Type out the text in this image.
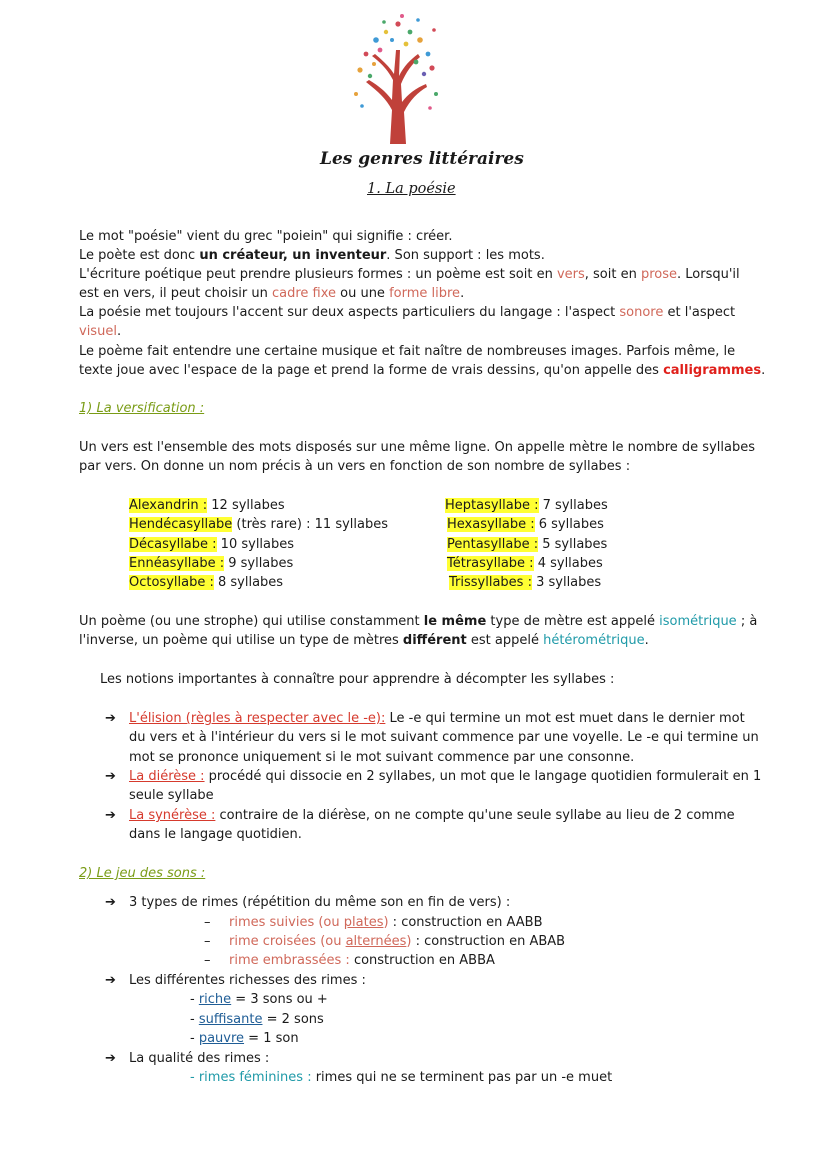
Les genres littéraires
1. La poésie
Le mot "poésie" vient du grec "poiein" qui signifie : créer.
Le poète est donc un créateur, un inventeur. Son support : les mots.
L'écriture poétique peut prendre plusieurs formes : un poème est soit en vers, soit en prose. Lorsqu'il
est en vers, il peut choisir un cadre fixe ou une forme libre.
La poésie met toujours l'accent sur deux aspects particuliers du langage : l'aspect sonore et l'aspect
visuel.
Le poème fait entendre une certaine musique et fait naître de nombreuses images. Parfois même, le
texte joue avec l'espace de la page et prend la forme de vrais dessins, qu'on appelle des calligrammes.
1) La versification :
Un vers est l'ensemble des mots disposés sur une même ligne. On appelle mètre le nombre de syllabes
par vers. On donne un nom précis à un vers en fonction de son nombre de syllabes :
Alexandrin : 12 syllabes
Hendécasyllabe (très rare) : 11 syllabes
Décasyllabe : 10 syllabes
Ennéasyllabe : 9 syllabes
Octosyllabe : 8 syllabes
Heptasyllabe : 7 syllabes
Hexasyllabe : 6 syllabes
Pentasyllabe : 5 syllabes
Tétrasyllabe : 4 syllabes
Trissyllabes : 3 syllabes
Un poème (ou une strophe) qui utilise constamment le même type de mètre est appelé isométrique ; à
l'inverse, un poème qui utilise un type de mètres différent est appelé hétérométrique.
Les notions importantes à connaître pour apprendre à décompter les syllabes :
➔ L'élision (règles à respecter avec le -e): Le -e qui termine un mot est muet dans le dernier mot
du vers et à l'intérieur du vers si le mot suivant commence par une voyelle. Le -e qui termine un
mot se prononce uniquement si le mot suivant commence par une consonne.
➔ La diérèse : procédé qui dissocie en 2 syllabes, un mot que le langage quotidien formulerait en 1
seule syllabe
➔ La synérèse : contraire de la diérèse, on ne compte qu'une seule syllabe au lieu de 2 comme
dans le langage quotidien.
2) Le jeu des sons :
➔ 3 types de rimes (répétition du même son en fin de vers) :
– rimes suivies (ou plates) : construction en AABB
– rime croisées (ou alternées) : construction en ABAB
– rime embrassées : construction en ABBA
➔ Les différentes richesses des rimes :
- riche = 3 sons ou +
- suffisante = 2 sons
- pauvre = 1 son
➔ La qualité des rimes :
- rimes féminines : rimes qui ne se terminent pas par un -e muet
